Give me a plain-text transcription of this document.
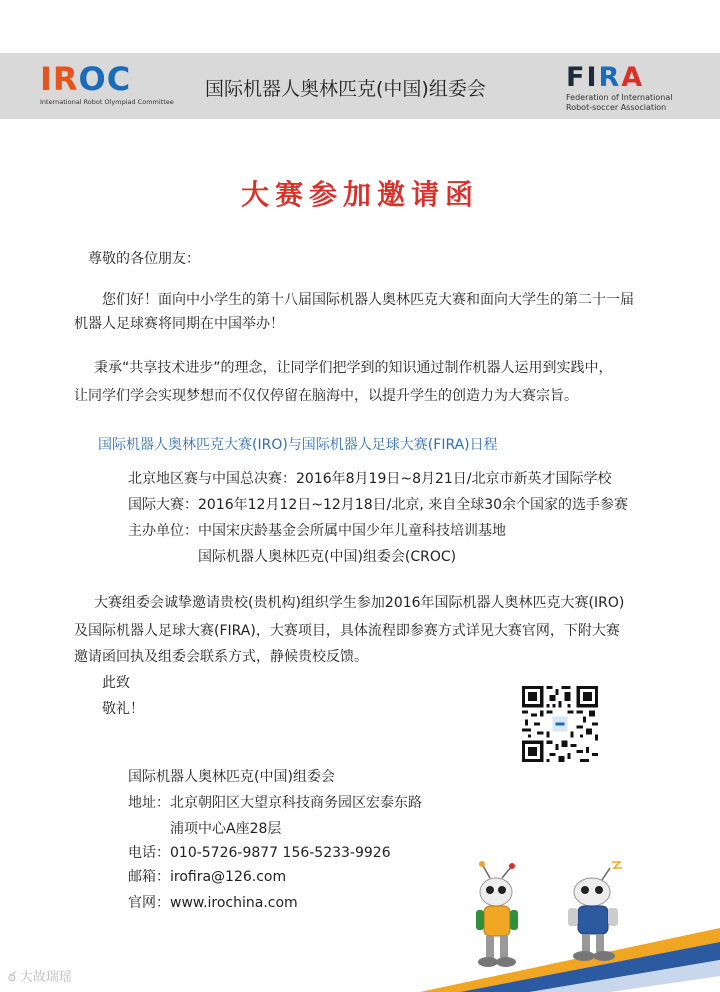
IROC
International Robot Olympiad Committee
国际机器人奥林匹克(中国)组委会	FIRA
Federation of International
Robot-soccer Association
大赛参加邀请函
尊敬的各位朋友：
您们好！面向中小学生的第十八届国际机器人奥林匹克大赛和面向大学生的第二十一届
机器人足球赛将同期在中国举办！
秉承“共享技术进步”的理念，让同学们把学到的知识通过制作机器人运用到实践中，
让同学们学会实现梦想而不仅仅停留在脑海中，以提升学生的创造力为大赛宗旨。
国际机器人奥林匹克大赛(IRO)与国际机器人足球大赛(FIRA)日程
北京地区赛与中国总决赛：2016年8月19日~8月21日/北京市新英才国际学校
国际大赛：2016年12月12日~12月18日/北京, 来自全球30余个国家的选手参赛
主办单位：中国宋庆龄基金会所属中国少年儿童科技培训基地
国际机器人奥林匹克(中国)组委会(CROC)
大赛组委会诚挚邀请贵校(贵机构)组织学生参加2016年国际机器人奥林匹克大赛(IRO)
及国际机器人足球大赛(FIRA)，大赛项目，具体流程即参赛方式详见大赛官网，下附大赛
邀请函回执及组委会联系方式，静候贵校反馈。
此致
敬礼！
国际机器人奥林匹克(中国)组委会
地址：北京朝阳区大望京科技商务园区宏泰东路
浦项中心A座28层
电话：010-5726-9877 156-5233-9926
邮箱：irofira@126.com
官网：www.irochina.com
ఠ 大故瑞瑶
